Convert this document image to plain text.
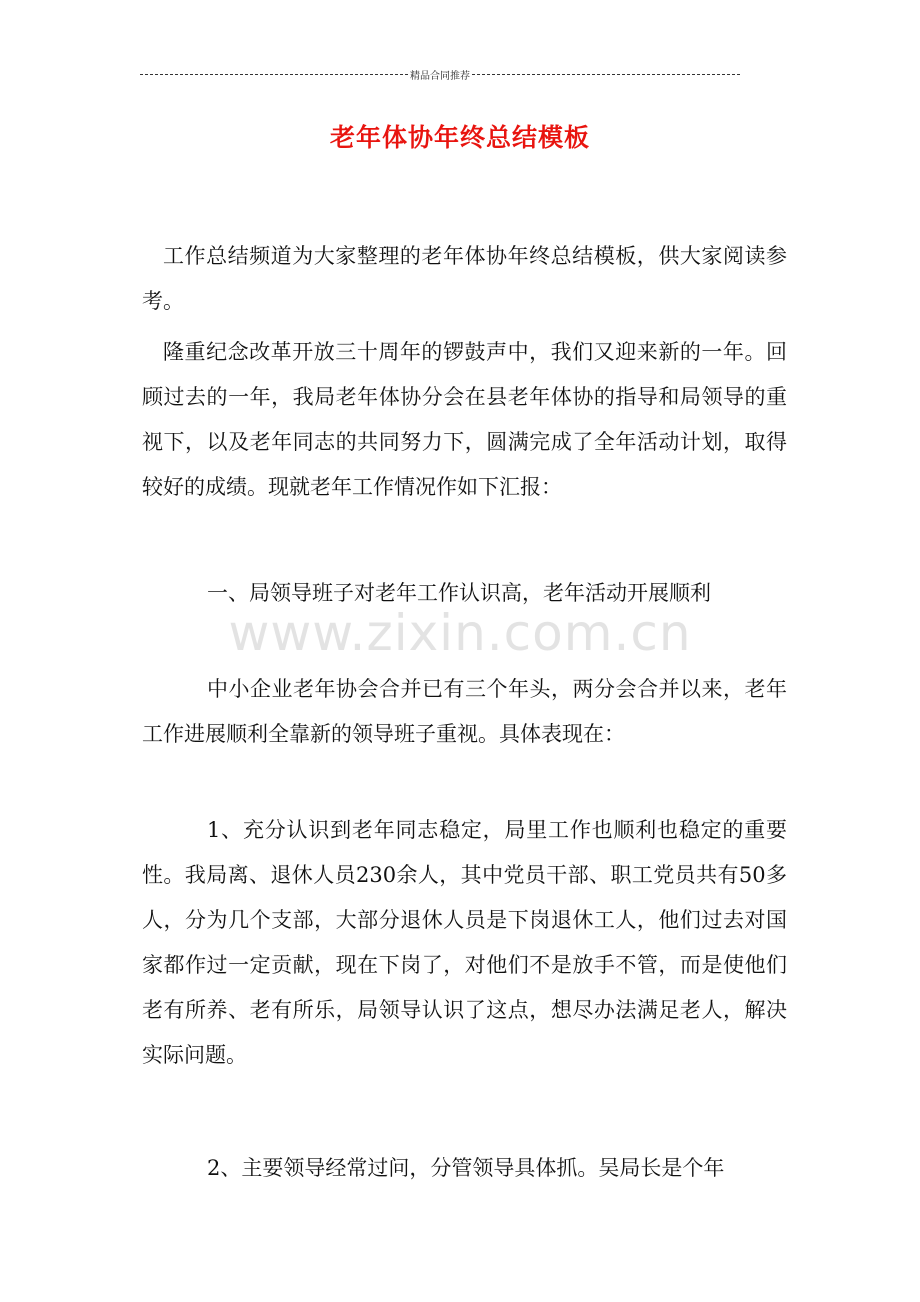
精品合同推荐
老年体协年终总结模板

工作总结频道为大家整理的老年体协年终总结模板，供大家阅读参考。

隆重纪念改革开放三十周年的锣鼓声中，我们又迎来新的一年。回顾过去的一年，我局老年体协分会在县老年体协的指导和局领导的重视下，以及老年同志的共同努力下，圆满完成了全年活动计划，取得较好的成绩。现就老年工作情况作如下汇报：

一、局领导班子对老年工作认识高，老年活动开展顺利

中小企业老年协会合并已有三个年头，两分会合并以来，老年工作进展顺利全靠新的领导班子重视。具体表现在：

1、充分认识到老年同志稳定，局里工作也顺利也稳定的重要性。我局离、退休人员230余人，其中党员干部、职工党员共有50多人，分为几个支部，大部分退休人员是下岗退休工人，他们过去对国家都作过一定贡献，现在下岗了，对他们不是放手不管，而是使他们老有所养、老有所乐，局领导认识了这点，想尽办法满足老人，解决实际问题。

2、主要领导经常过问，分管领导具体抓。吴局长是个年

www.zixin.com.cn
